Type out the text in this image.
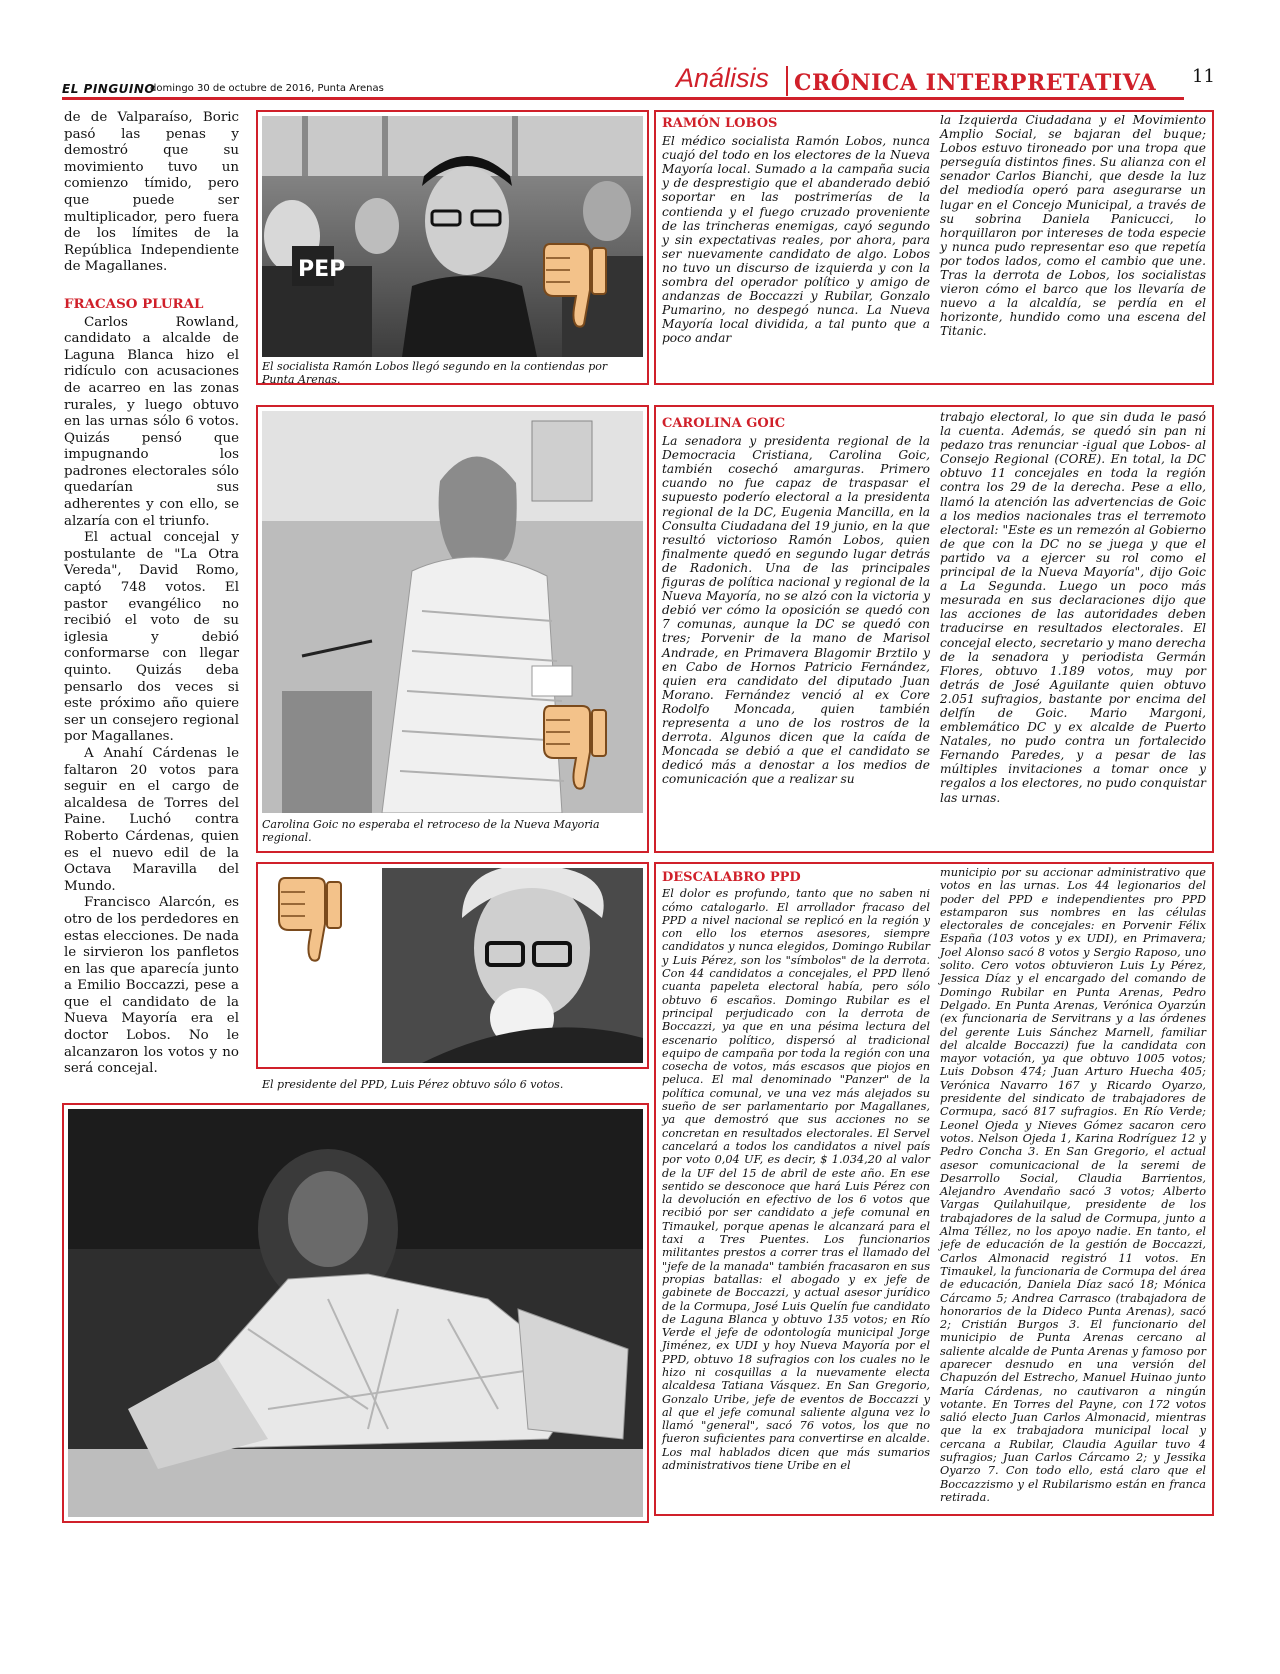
EL PINGUINO
domingo 30 de octubre de 2016, Punta Arenas	Análisis CRÓNICA INTERPRETATIVA 11

de de Valparaíso, Boric pasó las penas y demostró que su movimiento tuvo un comienzo tímido, pero que puede ser multiplicador, pero fuera de los límites de la República Independiente de Magallanes.

FRACASO PLURAL

Carlos Rowland, candidato a alcalde de Laguna Blanca hizo el ridículo con acusaciones de acarreo en las zonas rurales, y luego obtuvo en las urnas sólo 6 votos. Quizás pensó que impugnando los padrones electorales sólo quedarían sus adherentes y con ello, se alzaría con el triunfo.

El actual concejal y postulante de "La Otra Vereda", David Romo, captó 748 votos. El pastor evangélico no recibió el voto de su iglesia y debió conformarse con llegar quinto. Quizás deba pensarlo dos veces si este próximo año quiere ser un consejero regional por Magallanes.

A Anahí Cárdenas le faltaron 20 votos para seguir en el cargo de alcaldesa de Torres del Paine. Luchó contra Roberto Cárdenas, quien es el nuevo edil de la Octava Maravilla del Mundo.

Francisco Alarcón, es otro de los perdedores en estas elecciones. De nada le sirvieron los panfletos en las que aparecía junto a Emilio Boccazzi, pese a que el candidato de la Nueva Mayoría era el doctor Lobos. No le alcanzaron los votos y no será concejal.

PEP
El socialista Ramón Lobos llegó segundo en la contiendas por Punta Arenas.
RAMÓN LOBOS

El médico socialista Ramón Lobos, nunca cuajó del todo en los electores de la Nueva Mayoría local. Sumado a la campaña sucia y de desprestigio que el abanderado debió soportar en las postrimerías de la contienda y el fuego cruzado proveniente de las trincheras enemigas, cayó segundo y sin expectativas reales, por ahora, para ser nuevamente candidato de algo. Lobos no tuvo un discurso de izquierda y con la sombra del operador político y amigo de andanzas de Boccazzi y Rubilar, Gonzalo Pumarino, no despegó nunca. La Nueva Mayoría local dividida, a tal punto que a poco andar

la Izquierda Ciudadana y el Movimiento Amplio Social, se bajaran del buque; Lobos estuvo tironeado por una tropa que perseguía distintos fines. Su alianza con el senador Carlos Bianchi, que desde la luz del mediodía operó para asegurarse un lugar en el Concejo Municipal, a través de su sobrina Daniela Panicucci, lo horquillaron por intereses de toda especie y nunca pudo representar eso que repetía por todos lados, como el cambio que une. Tras la derrota de Lobos, los socialistas vieron cómo el barco que los llevaría de nuevo a la alcaldía, se perdía en el horizonte, hundido como una escena del Titanic.

Carolina Goic no esperaba el retroceso de la Nueva Mayoria regional.
CAROLINA GOIC

La senadora y presidenta regional de la Democracia Cristiana, Carolina Goic, también cosechó amarguras. Primero cuando no fue capaz de traspasar el supuesto poderío electoral a la presidenta regional de la DC, Eugenia Mancilla, en la Consulta Ciudadana del 19 junio, en la que resultó victorioso Ramón Lobos, quien finalmente quedó en segundo lugar detrás de Radonich. Una de las principales figuras de política nacional y regional de la Nueva Mayoría, no se alzó con la victoria y debió ver cómo la oposición se quedó con 7 comunas, aunque la DC se quedó con tres; Porvenir de la mano de Marisol Andrade, en Primavera Blagomir Brztilo y en Cabo de Hornos Patricio Fernández, quien era candidato del diputado Juan Morano. Fernández venció al ex Core Rodolfo Moncada, quien también representa a uno de los rostros de la derrota. Algunos dicen que la caída de Moncada se debió a que el candidato se dedicó más a denostar a los medios de comunicación que a realizar su

trabajo electoral, lo que sin duda le pasó la cuenta. Además, se quedó sin pan ni pedazo tras renunciar -igual que Lobos- al Consejo Regional (CORE). En total, la DC obtuvo 11 concejales en toda la región contra los 29 de la derecha. Pese a ello, llamó la atención las advertencias de Goic a los medios nacionales tras el terremoto electoral: "Este es un remezón al Gobierno de que con la DC no se juega y que el partido va a ejercer su rol como el principal de la Nueva Mayoría", dijo Goic a La Segunda. Luego un poco más mesurada en sus declaraciones dijo que las acciones de las autoridades deben traducirse en resultados electorales. El concejal electo, secretario y mano derecha de la senadora y periodista Germán Flores, obtuvo 1.189 votos, muy por detrás de José Aguilante quien obtuvo 2.051 sufragios, bastante por encima del delfín de Goic. Mario Margoni, emblemático DC y ex alcalde de Puerto Natales, no pudo contra un fortalecido Fernando Paredes, y a pesar de las múltiples invitaciones a tomar once y regalos a los electores, no pudo conquistar las urnas.

El presidente del PPD, Luis Pérez obtuvo sólo 6 votos.
DESCALABRO PPD

El dolor es profundo, tanto que no saben ni cómo catalogarlo. El arrollador fracaso del PPD a nivel nacional se replicó en la región y con ello los eternos asesores, siempre candidatos y nunca elegidos, Domingo Rubilar y Luis Pérez, son los "símbolos" de la derrota. Con 44 candidatos a concejales, el PPD llenó cuanta papeleta electoral había, pero sólo obtuvo 6 escaños. Domingo Rubilar es el principal perjudicado con la derrota de Boccazzi, ya que en una pésima lectura del escenario político, dispersó al tradicional equipo de campaña por toda la región con una cosecha de votos, más escasos que piojos en peluca. El mal denominado "Panzer" de la política comunal, ve una vez más alejados su sueño de ser parlamentario por Magallanes, ya que demostró que sus acciones no se concretan en resultados electorales. El Servel cancelará a todos los candidatos a nivel país por voto 0,04 UF, es decir, $ 1.034,20 al valor de la UF del 15 de abril de este año. En ese sentido se desconoce que hará Luis Pérez con la devolución en efectivo de los 6 votos que recibió por ser candidato a jefe comunal en Timaukel, porque apenas le alcanzará para el taxi a Tres Puentes. Los funcionarios militantes prestos a correr tras el llamado del "jefe de la manada" también fracasaron en sus propias batallas: el abogado y ex jefe de gabinete de Boccazzi, y actual asesor jurídico de la Cormupa, José Luis Quelín fue candidato de Laguna Blanca y obtuvo 135 votos; en Río Verde el jefe de odontología municipal Jorge Jiménez, ex UDI y hoy Nueva Mayoría por el PPD, obtuvo 18 sufragios con los cuales no le hizo ni cosquillas a la nuevamente electa alcaldesa Tatiana Vásquez. En San Gregorio, Gonzalo Uribe, jefe de eventos de Boccazzi y al que el jefe comunal saliente alguna vez lo llamó "general", sacó 76 votos, los que no fueron suficientes para convertirse en alcalde. Los mal hablados dicen que más sumarios administrativos tiene Uribe en el

municipio por su accionar administrativo que votos en las urnas. Los 44 legionarios del poder del PPD e independientes pro PPD estamparon sus nombres en las células electorales de concejales: en Porvenir Félix España (103 votos y ex UDI), en Primavera; Joel Alonso sacó 8 votos y Sergio Raposo, uno solito. Cero votos obtuvieron Luis Ly Pérez, Jessica Díaz y el encargado del comando de Domingo Rubilar en Punta Arenas, Pedro Delgado. En Punta Arenas, Verónica Oyarzún (ex funcionaria de Servitrans y a las órdenes del gerente Luis Sánchez Marnell, familiar del alcalde Boccazzi) fue la candidata con mayor votación, ya que obtuvo 1005 votos; Luis Dobson 474; Juan Arturo Huecha 405; Verónica Navarro 167 y Ricardo Oyarzo, presidente del sindicato de trabajadores de Cormupa, sacó 817 sufragios. En Río Verde; Leonel Ojeda y Nieves Gómez sacaron cero votos. Nelson Ojeda 1, Karina Rodríguez 12 y Pedro Concha 3. En San Gregorio, el actual asesor comunicacional de la seremi de Desarrollo Social, Claudia Barrientos, Alejandro Avendaño sacó 3 votos; Alberto Vargas Quilahuilque, presidente de los trabajadores de la salud de Cormupa, junto a Alma Téllez, no los apoyo nadie. En tanto, el jefe de educación de la gestión de Boccazzi, Carlos Almonacid registró 11 votos. En Timaukel, la funcionaria de Cormupa del área de educación, Daniela Díaz sacó 18; Mónica Cárcamo 5; Andrea Carrasco (trabajadora de honorarios de la Dideco Punta Arenas), sacó 2; Cristián Burgos 3. El funcionario del municipio de Punta Arenas cercano al saliente alcalde de Punta Arenas y famoso por aparecer desnudo en una versión del Chapuzón del Estrecho, Manuel Huinao junto María Cárdenas, no cautivaron a ningún votante. En Torres del Payne, con 172 votos salió electo Juan Carlos Almonacid, mientras que la ex trabajadora municipal local y cercana a Rubilar, Claudia Aguilar tuvo 4 sufragios; Juan Carlos Cárcamo 2; y Jessika Oyarzo 7. Con todo ello, está claro que el Boccazzismo y el Rubilarismo están en franca retirada.
